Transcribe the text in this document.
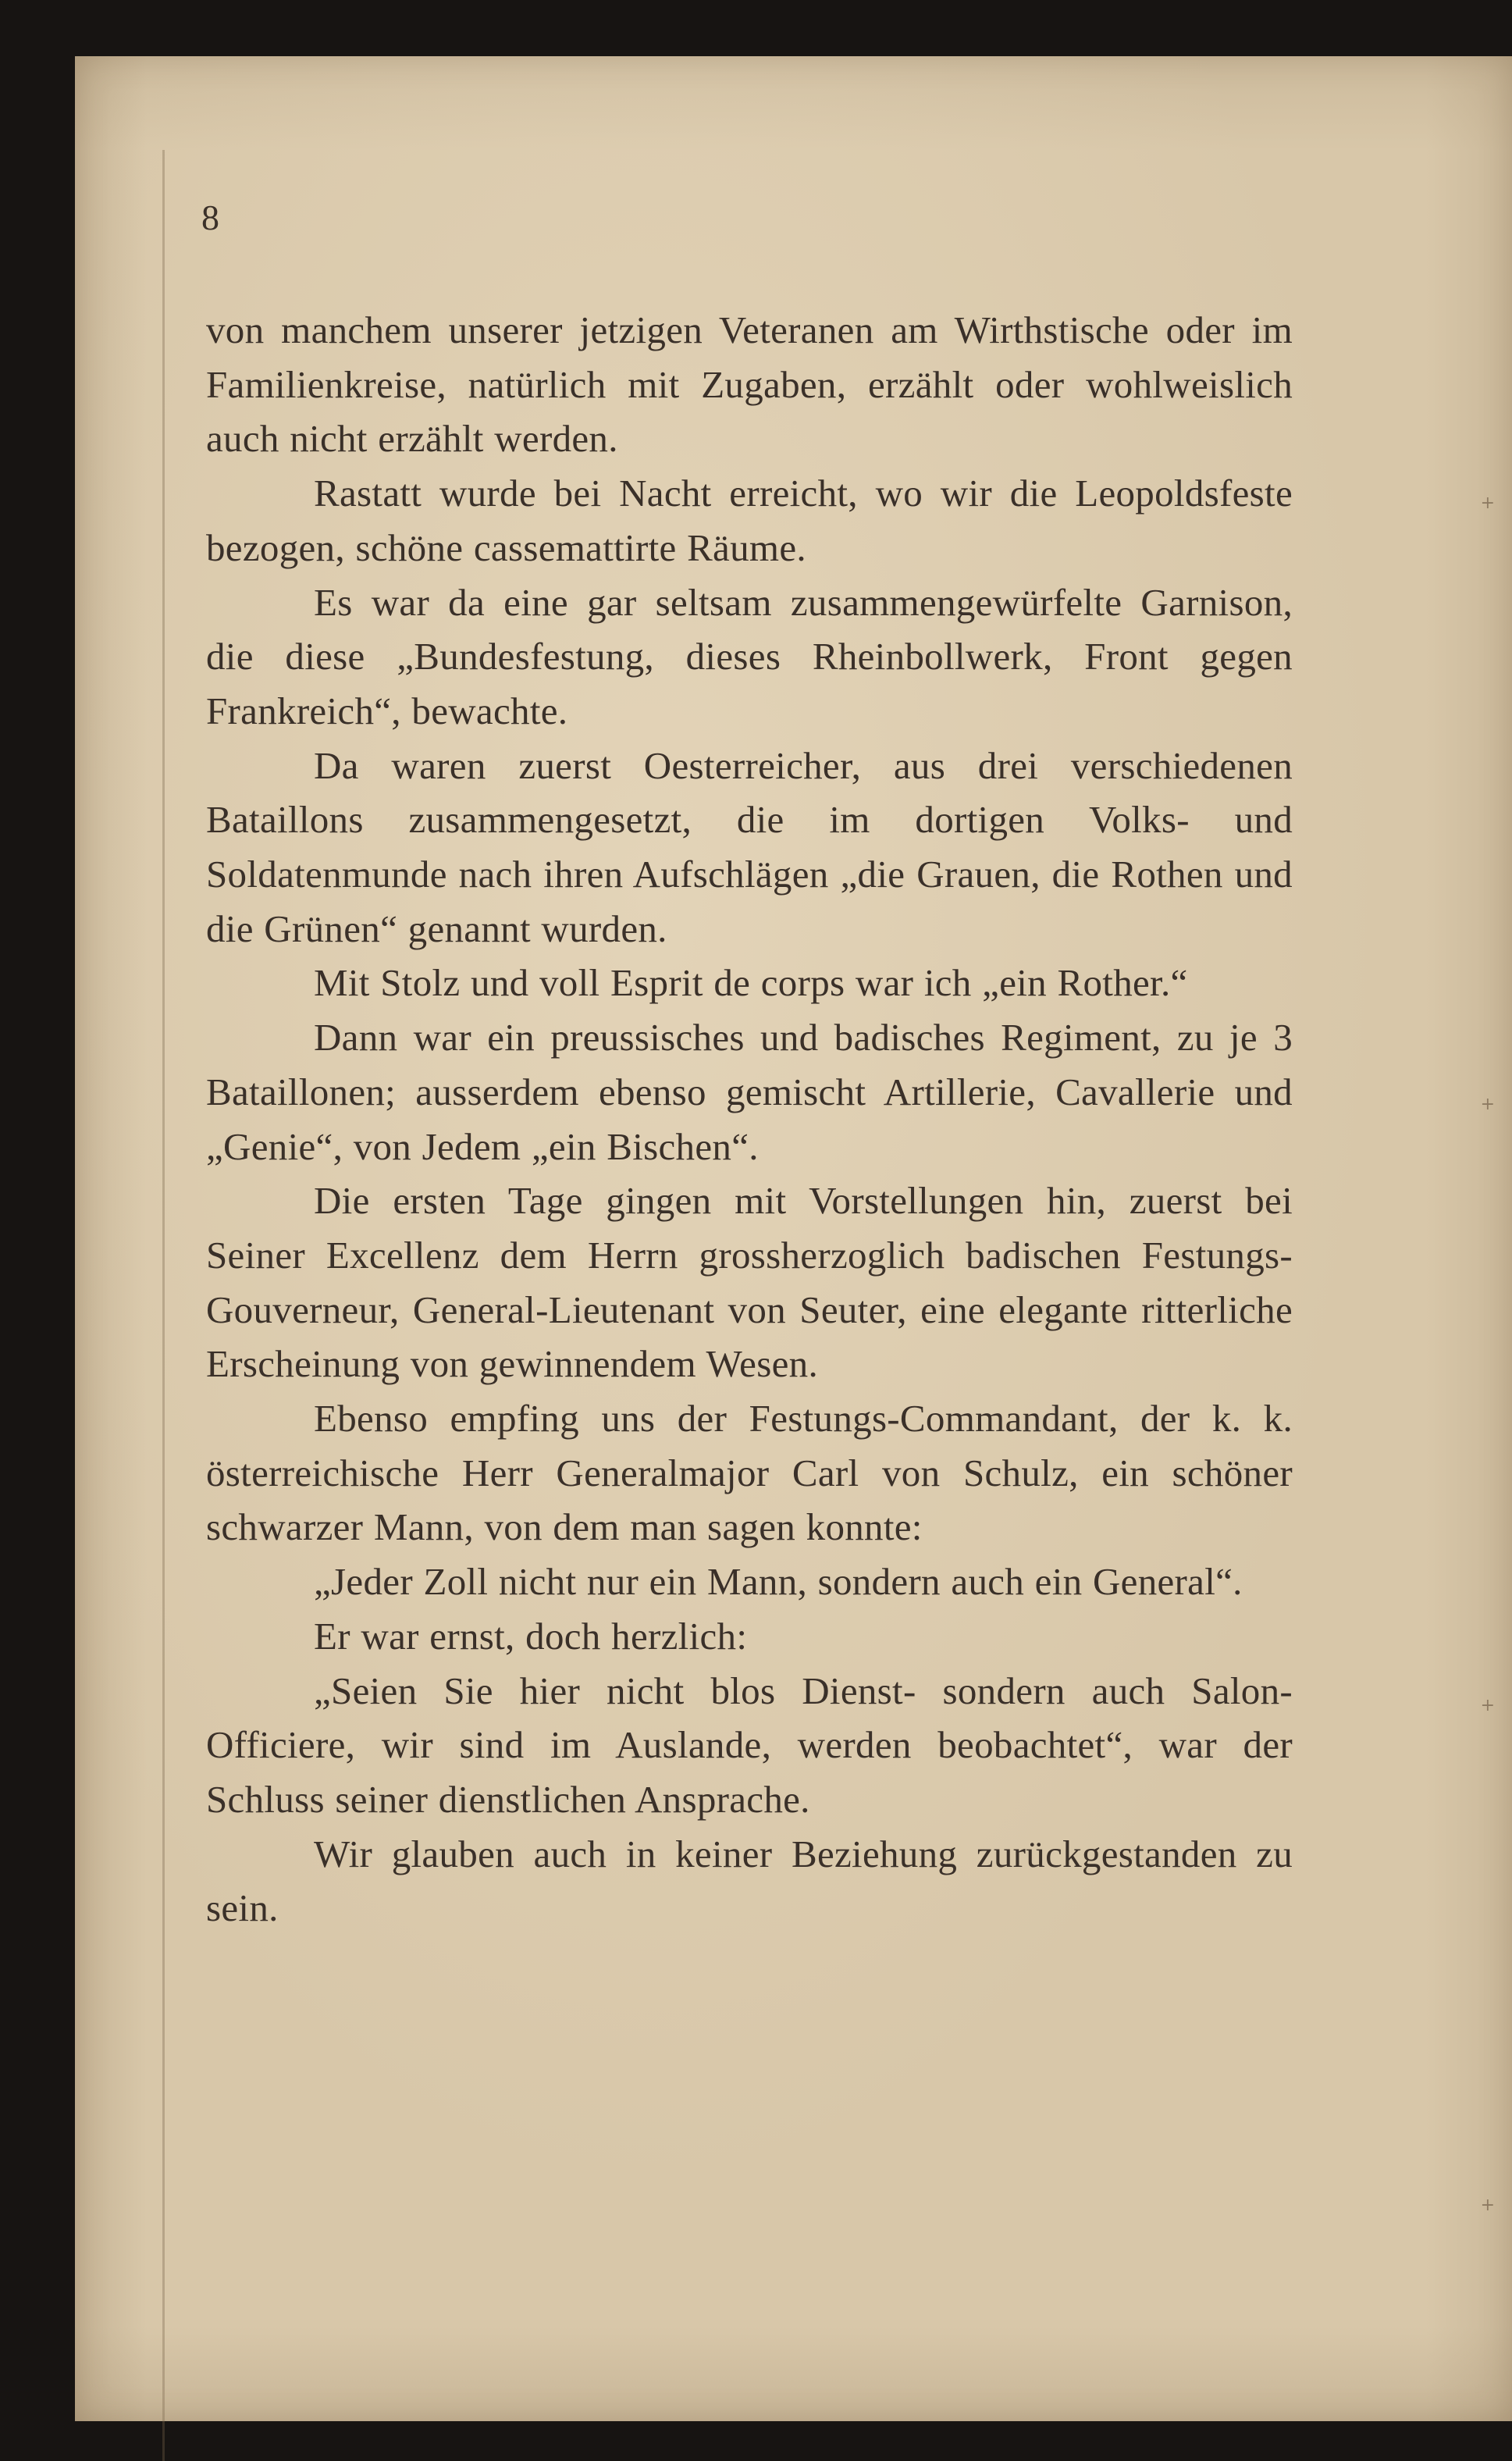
+
+
+
+
8

von manchem unserer jetzigen Veteranen am Wirthstische oder im Familienkreise, natürlich mit Zugaben, erzählt oder wohlweislich auch nicht erzählt werden.

Rastatt wurde bei Nacht erreicht, wo wir die Leopoldsfeste bezogen, schöne cassemattirte Räume.

Es war da eine gar seltsam zusammengewürfelte Garnison, die diese „Bundesfestung, dieses Rheinbollwerk, Front gegen Frankreich“, bewachte.

Da waren zuerst Oesterreicher, aus drei verschiedenen Bataillons zusammengesetzt, die im dortigen Volks- und Soldatenmunde nach ihren Aufschlägen „die Grauen, die Rothen und die Grünen“ genannt wurden.

Mit Stolz und voll Esprit de corps war ich „ein Rother.“

Dann war ein preussisches und badisches Regiment, zu je 3 Bataillonen; ausserdem ebenso gemischt Artillerie, Cavallerie und „Genie“, von Jedem „ein Bischen“.

Die ersten Tage gingen mit Vorstellungen hin, zuerst bei Seiner Excellenz dem Herrn grossherzoglich badischen Festungs-Gouverneur, General-Lieutenant von Seuter, eine elegante ritterliche Erscheinung von gewinnendem Wesen.

Ebenso empfing uns der Festungs-Commandant, der k. k. österreichische Herr Generalmajor Carl von Schulz, ein schöner schwarzer Mann, von dem man sagen konnte:

„Jeder Zoll nicht nur ein Mann, sondern auch ein General“.

Er war ernst, doch herzlich:

„Seien Sie hier nicht blos Dienst- sondern auch Salon-Officiere, wir sind im Auslande, werden beobachtet“, war der Schluss seiner dienstlichen Ansprache.

Wir glauben auch in keiner Beziehung zurückgestanden zu sein.
